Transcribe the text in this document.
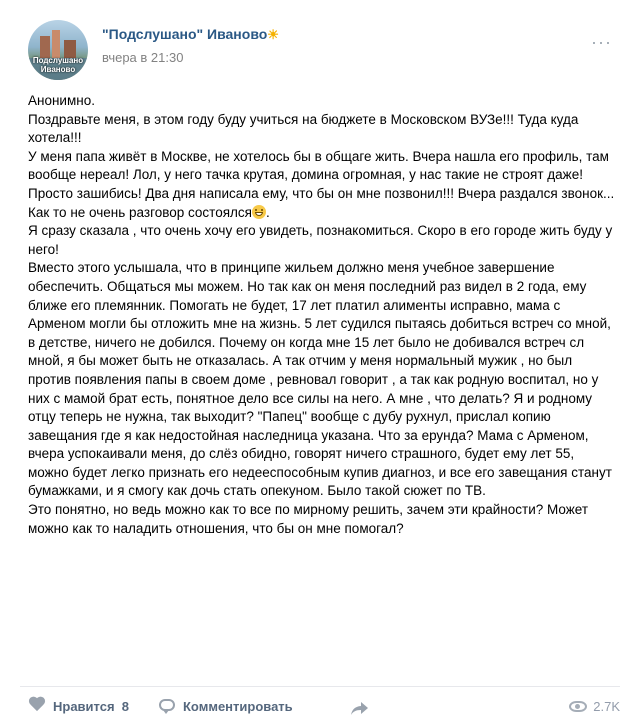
Подслушано Иваново
"Подслушано" Иваново☀
вчера в 21:30
···
Анонимно.
Поздравьте меня, в этом году буду учиться на бюджете в Московском ВУЗе!!! Туда куда хотела!!!
У меня папа живёт в Москве, не хотелось бы в общаге жить. Вчера нашла его профиль, там вообще нереал! Лол, у него тачка крутая, домина огромная, у нас такие не строят даже! Просто зашибись! Два дня написала ему, что бы он мне позвонил!!! Вчера раздался звонок... Как то не очень разговор состоялся .
Я сразу сказала , что очень хочу его увидеть, познакомиться. Скоро в его городе жить буду у него!
Вместо этого услышала, что в принципе жильем должно меня учебное завершение обеспечить. Общаться мы можем. Но так как он меня последний раз видел в 2 года, ему ближе его племянник. Помогать не будет, 17 лет платил алименты исправно, мама с Арменом могли бы отложить мне на жизнь. 5 лет судился пытаясь добиться встреч со мной, в детстве, ничего не добился. Почему он когда мне 15 лет было не добивался встреч сл мной, я бы может быть не отказалась. А так отчим у меня нормальный мужик , но был против появления папы в своем доме , ревновал говорит , а так как родную воспитал, но у них с мамой брат есть, понятное дело все силы на него. А мне , что делать? Я и родному отцу теперь не нужна, так выходит? "Папец" вообще с дубу рухнул, прислал копию завещания где я как недостойная наследница указана. Что за ерунда? Мама с Арменом, вчера успокаивали меня, до слёз обидно, говорят ничего страшного, будет ему лет 55, можно будет легко признать его недееспособным купив диагноз, и все его завещания станут бумажками, и я смогу как дочь стать опекуном. Было такой сюжет по ТВ.
Это понятно, но ведь можно как то все по мирному решить, зачем эти крайности? Может можно как то наладить отношения, что бы он мне помогал?
Нравится
8	Комментировать	2.7K
